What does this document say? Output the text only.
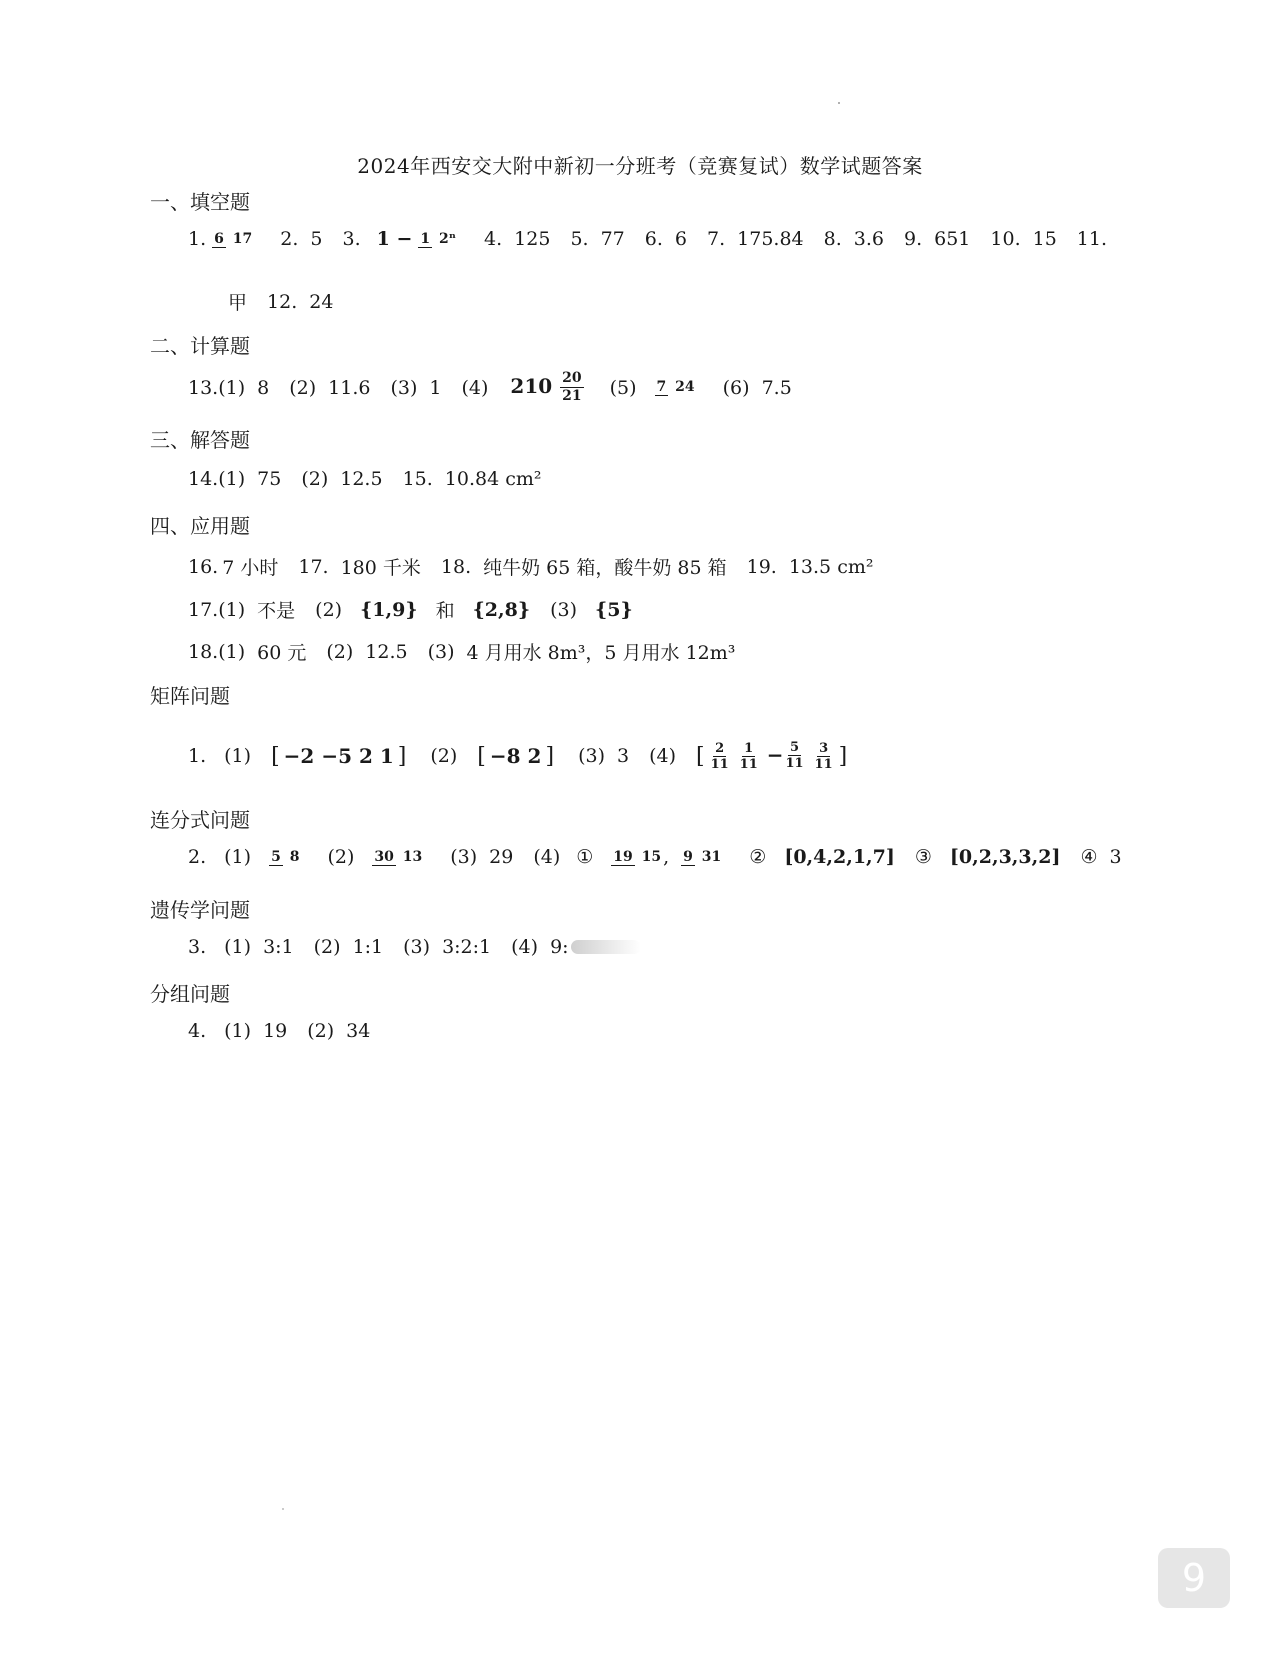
2024年西安交大附中新初一分班考（竞赛复试）数学试题答案
一、填空题
1. 6 17 2. 5 3. 1 − 1 2ⁿ 4. 125 5. 77 6. 6 7. 175.84 8. 3.6 9. 651 10. 15 11.
甲 12. 24
二、计算题
13. (1) 8 (2) 11.6 (3) 1 (4) $210 \frac{20}{21} (5)$ 7 24 (6) 7.5
三、解答题
14. (1) 75 (2) 12.5 15. 10.84 cm²
四、应用题
16. 7 小时 17. 180 千米 18. 纯牛奶 65 箱，酸牛奶 85 箱 19. 13.5 cm²
17. (1) 不是 (2) {1,9} 和 {2,8} (3) {5}
18. (1) 60 元 (2) 12.5 (3) 4 月用水 8m³，5 月用水 12m³
矩阵问题
1. (1) [ −2 −5 2 1 ] (2) [ −8 2 ] (3) 3 (4) [ $\frac{2}{11}$
$\frac{1}{11}$
− $\frac{5}{11}$
$\frac{3}{11}$ ]
连分式问题
2. (1) 5 8 (2) 30 13 (3) 29 (4) ① 19 15 , 9 31 ② [0,4,2,1,7] ③ [0,2,3,3,2] ④ 3
遗传学问题
3. (1) 3:1 (2) 1:1 (3) 3:2:1 (4) 9:
分组问题
4. (1) 19 (2) 34
9
